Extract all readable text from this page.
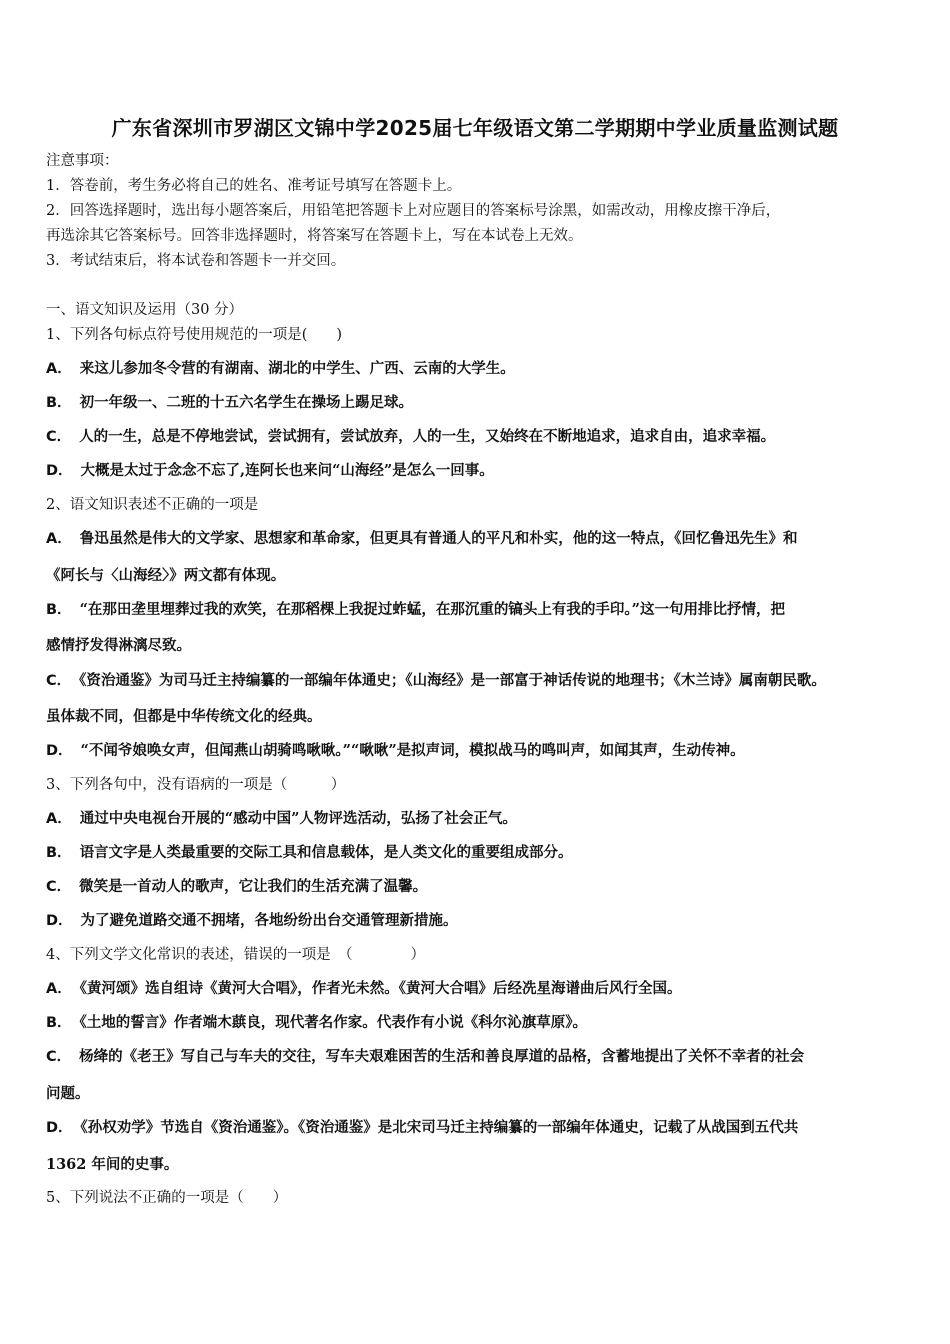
广东省深圳市罗湖区文锦中学2025届七年级语文第二学期期中学业质量监测试题
注意事项：
1．答卷前，考生务必将自己的姓名、准考证号填写在答题卡上。
2．回答选择题时，选出每小题答案后，用铅笔把答题卡上对应题目的答案标号涂黑，如需改动，用橡皮擦干净后，
再选涂其它答案标号。回答非选择题时，将答案写在答题卡上，写在本试卷上无效。
3．考试结束后，将本试卷和答题卡一并交回。
一、语文知识及运用（30 分）
1、下列各句标点符号使用规范的一项是(　　)
A． 来这儿参加冬令营的有湖南、湖北的中学生、广西、云南的大学生。
B． 初一年级一、二班的十五六名学生在操场上踢足球。
C． 人的一生，总是不停地尝试，尝试拥有，尝试放弃，人的一生，又始终在不断地追求，追求自由，追求幸福。
D． 大概是太过于念念不忘了,连阿长也来问“山海经”是怎么一回事。
2、语文知识表述不正确的一项是
A． 鲁迅虽然是伟大的文学家、思想家和革命家，但更具有普通人的平凡和朴实，他的这一特点，《回忆鲁迅先生》和
《阿长与〈山海经〉》两文都有体现。
B． “在那田垄里埋葬过我的欢笑，在那稻棵上我捉过蚱蜢，在那沉重的镐头上有我的手印。”这一句用排比抒情，把
感情抒发得淋漓尽致。
C． 《资治通鉴》为司马迁主持编纂的一部编年体通史；《山海经》是一部富于神话传说的地理书；《木兰诗》属南朝民歌。
虽体裁不同，但都是中华传统文化的经典。
D． “不闻爷娘唤女声，但闻燕山胡骑鸣啾啾。”“啾啾”是拟声词，模拟战马的鸣叫声，如闻其声，生动传神。
3、下列各句中，没有语病的一项是（　　　）
A． 通过中央电视台开展的“感动中国”人物评选活动，弘扬了社会正气。
B． 语言文字是人类最重要的交际工具和信息载体，是人类文化的重要组成部分。
C． 微笑是一首动人的歌声，它让我们的生活充满了温馨。
D． 为了避免道路交通不拥堵，各地纷纷出台交通管理新措施。
4、下列文学文化常识的表述，错误的一项是　（　　　　）
A． 《黄河颂》选自组诗《黄河大合唱》，作者光未然。《黄河大合唱》后经冼星海谱曲后风行全国。
B． 《土地的誓言》作者端木蕻良，现代著名作家。代表作有小说《科尔沁旗草原》。
C． 杨绛的《老王》写自己与车夫的交往，写车夫艰难困苦的生活和善良厚道的品格，含蓄地提出了关怀不幸者的社会
问题。
D． 《孙权劝学》节选自《资治通鉴》。《资治通鉴》是北宋司马迁主持编纂的一部编年体通史，记载了从战国到五代共
1362 年间的史事。
5、下列说法不正确的一项是（　　）
